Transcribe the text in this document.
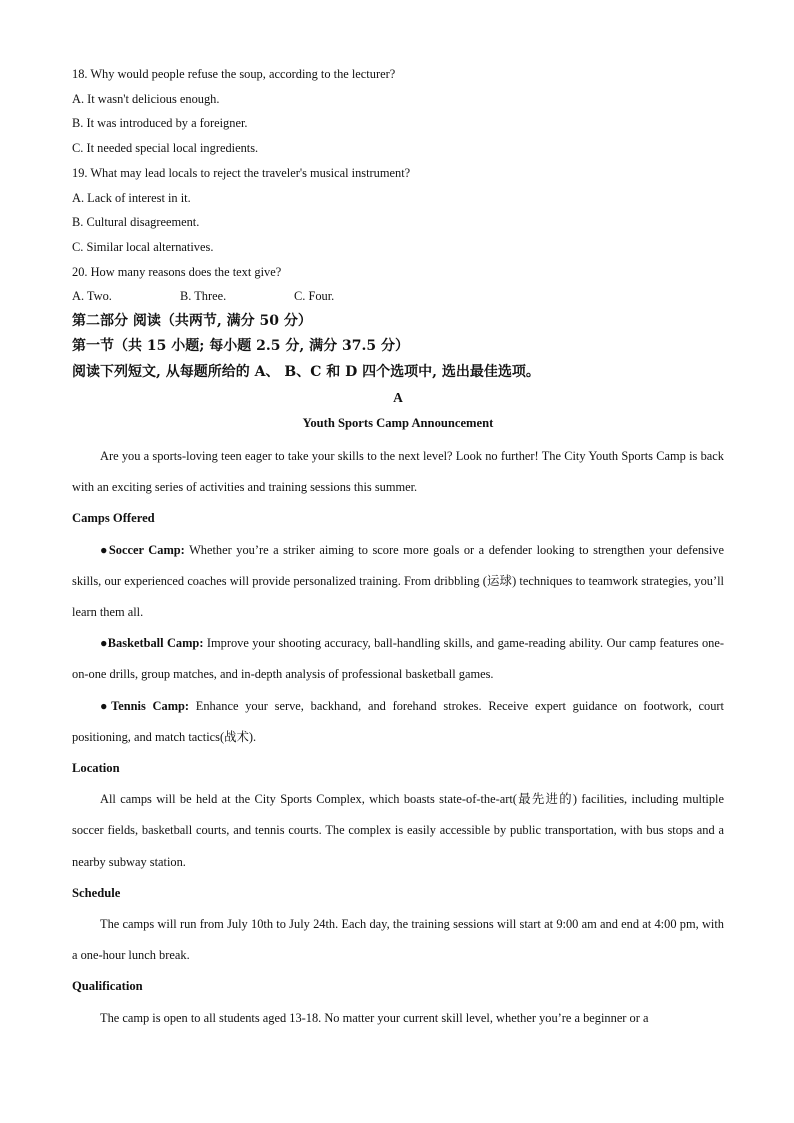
18. Why would people refuse the soup, according to the lecturer?
A. It wasn't delicious enough.
B. It was introduced by a foreigner.
C. It needed special local ingredients.
19. What may lead locals to reject the traveler's musical instrument?
A. Lack of interest in it.
B. Cultural disagreement.
C. Similar local alternatives.
20. How many reasons does the text give?
A. Two.	B. Three.	C. Four.
第二部分 阅读（共两节, 满分 50 分）
第一节（共 15 小题; 每小题 2.5 分, 满分 37.5 分）
阅读下列短文, 从每题所给的 A、 B、C 和 D 四个选项中, 选出最佳选项。
A
Youth Sports Camp Announcement

Are you a sports-loving teen eager to take your skills to the next level? Look no further! The City Youth Sports Camp is back with an exciting series of activities and training sessions this summer.

Camps Offered

●Soccer Camp: Whether you’re a striker aiming to score more goals or a defender looking to strengthen your defensive skills, our experienced coaches will provide personalized training. From dribbling (运球) techniques to teamwork strategies, you’ll learn them all.

●Basketball Camp: Improve your shooting accuracy, ball-handling skills, and game-reading ability. Our camp features one-on-one drills, group matches, and in-depth analysis of professional basketball games.

●Tennis Camp: Enhance your serve, backhand, and forehand strokes. Receive expert guidance on footwork, court positioning, and match tactics(战术).

Location

All camps will be held at the City Sports Complex, which boasts state-of-the-art(最先进的) facilities, including multiple soccer fields, basketball courts, and tennis courts. The complex is easily accessible by public transportation, with bus stops and a nearby subway station.

Schedule

The camps will run from July 10th to July 24th. Each day, the training sessions will start at 9:00 am and end at 4:00 pm, with a one-hour lunch break.

Qualification

The camp is open to all students aged 13-18. No matter your current skill level, whether you’re a beginner or a
